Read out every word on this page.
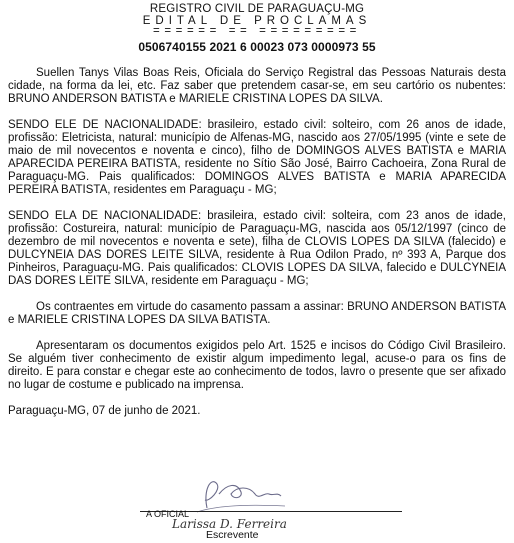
REGISTRO CIVIL DE PARAGUAÇU-MG
EDITAL DE PROCLAMAS
====== == =========
0506740155 2021 6 00023 073 0000973 55

Suellen Tanys Vilas Boas Reis, Oficiala do Serviço Registral das Pessoas Naturais desta cidade, na forma da lei, etc. Faz saber que pretendem casar-se, em seu cartório os nubentes: BRUNO ANDERSON BATISTA e MARIELE CRISTINA LOPES DA SILVA.

SENDO ELE DE NACIONALIDADE: brasileiro, estado civil: solteiro, com 26 anos de idade, profissão: Eletricista, natural: município de Alfenas-MG, nascido aos 27/05/1995 (vinte e sete de maio de mil novecentos e noventa e cinco), filho de DOMINGOS ALVES BATISTA e MARIA APARECIDA PEREIRA BATISTA, residente no Sítio São José, Bairro Cachoeira, Zona Rural de Paraguaçu-MG. Pais qualificados: DOMINGOS ALVES BATISTA e MARIA APARECIDA PEREIRA BATISTA, residentes em Paraguaçu - MG;

SENDO ELA DE NACIONALIDADE: brasileira, estado civil: solteira, com 23 anos de idade, profissão: Costureira, natural: município de Paraguaçu-MG, nascida aos 05/12/1997 (cinco de dezembro de mil novecentos e noventa e sete), filha de CLOVIS LOPES DA SILVA (falecido) e DULCYNEIA DAS DORES LEITE SILVA, residente à Rua Odilon Prado, nº 393 A, Parque dos Pinheiros, Paraguaçu-MG. Pais qualificados: CLOVIS LOPES DA SILVA, falecido e DULCYNEIA DAS DORES LEITE SILVA, residente em Paraguaçu - MG;

Os contraentes em virtude do casamento passam a assinar: BRUNO ANDERSON BATISTA e MARIELE CRISTINA LOPES DA SILVA BATISTA.

Apresentaram os documentos exigidos pelo Art. 1525 e incisos do Código Civil Brasileiro. Se alguém tiver conhecimento de existir algum impedimento legal, acuse-o para os fins de direito. E para constar e chegar este ao conhecimento de todos, lavro o presente que ser afixado no lugar de costume e publicado na imprensa.

Paraguaçu-MG, 07 de junho de 2021.
A OFICIAL
Larissa D. Ferreira
Escrevente
